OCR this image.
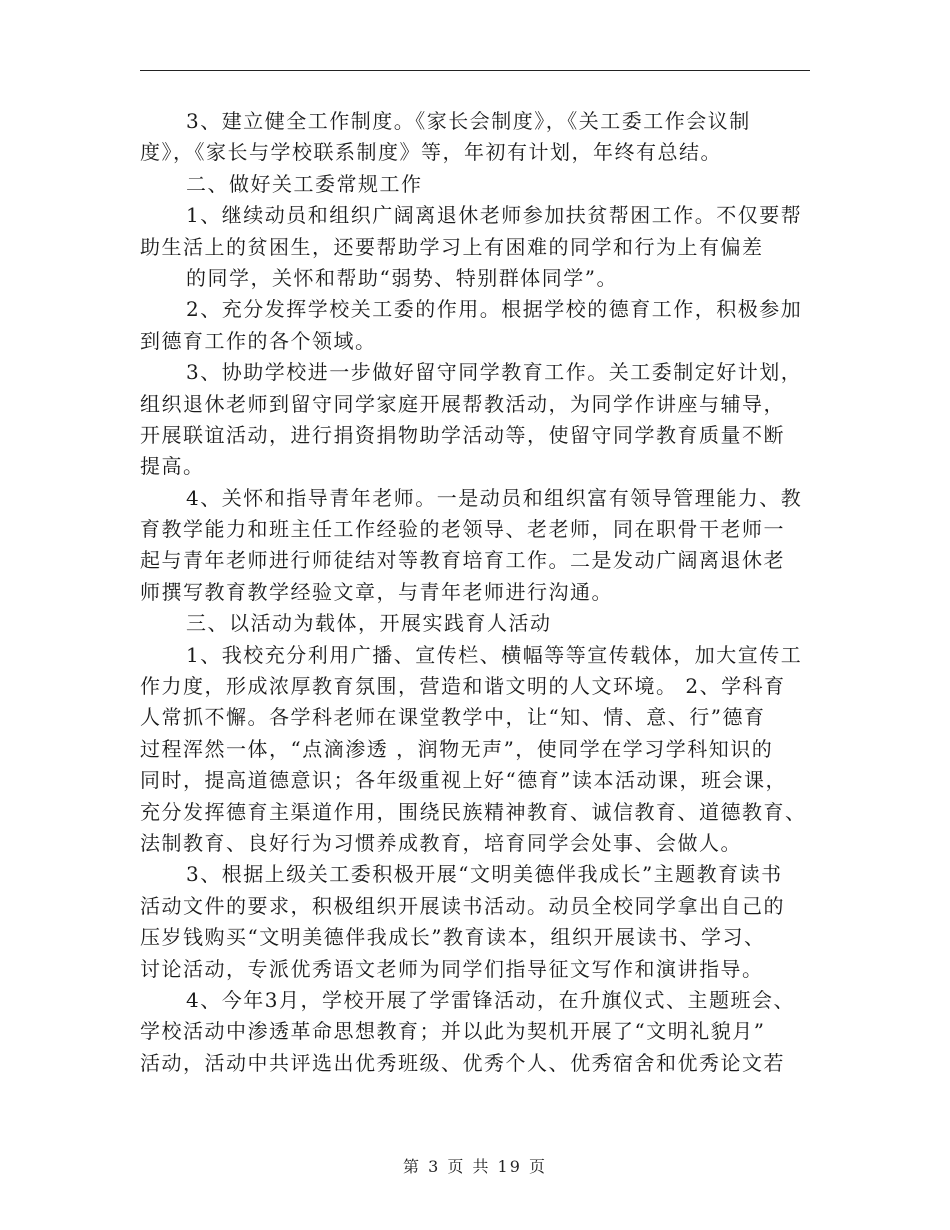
3、建立健全工作制度。《家长会制度》，《关工委工作会议制
度》，《家长与学校联系制度》等，年初有计划，年终有总结。
二、做好关工委常规工作
1、继续动员和组织广阔离退休老师参加扶贫帮困工作。不仅要帮
助生活上的贫困生，还要帮助学习上有困难的同学和行为上有偏差
的同学，关怀和帮助“弱势、特别群体同学”。
2、充分发挥学校关工委的作用。根据学校的德育工作，积极参加
到德育工作的各个领域。
3、协助学校进一步做好留守同学教育工作。关工委制定好计划，
组织退休老师到留守同学家庭开展帮教活动，为同学作讲座与辅导，
开展联谊活动，进行捐资捐物助学活动等，使留守同学教育质量不断
提高。
4、关怀和指导青年老师。一是动员和组织富有领导管理能力、教
育教学能力和班主任工作经验的老领导、老老师，同在职骨干老师一
起与青年老师进行师徒结对等教育培育工作。二是发动广阔离退休老
师撰写教育教学经验文章，与青年老师进行沟通。
三、以活动为载体，开展实践育人活动
1、我校充分利用广播、宣传栏、横幅等等宣传载体，加大宣传工
作力度，形成浓厚教育氛围，营造和谐文明的人文环境。 2、学科育
人常抓不懈。各学科老师在课堂教学中，让“知、情、意、行”德育
过程浑然一体，“点滴渗透 ，润物无声”，使同学在学习学科知识的
同时，提高道德意识；各年级重视上好“德育”读本活动课，班会课，
充分发挥德育主渠道作用，围绕民族精神教育、诚信教育、道德教育、
法制教育、良好行为习惯养成教育，培育同学会处事、会做人。
3、根据上级关工委积极开展“文明美德伴我成长”主题教育读书
活动文件的要求，积极组织开展读书活动。动员全校同学拿出自己的
压岁钱购买“文明美德伴我成长”教育读本，组织开展读书、学习、
讨论活动，专派优秀语文老师为同学们指导征文写作和演讲指导。
4、今年3月，学校开展了学雷锋活动，在升旗仪式、主题班会、
学校活动中渗透革命思想教育；并以此为契机开展了“文明礼貌月”
活动，活动中共评选出优秀班级、优秀个人、优秀宿舍和优秀论文若
第 3 页 共 19 页
